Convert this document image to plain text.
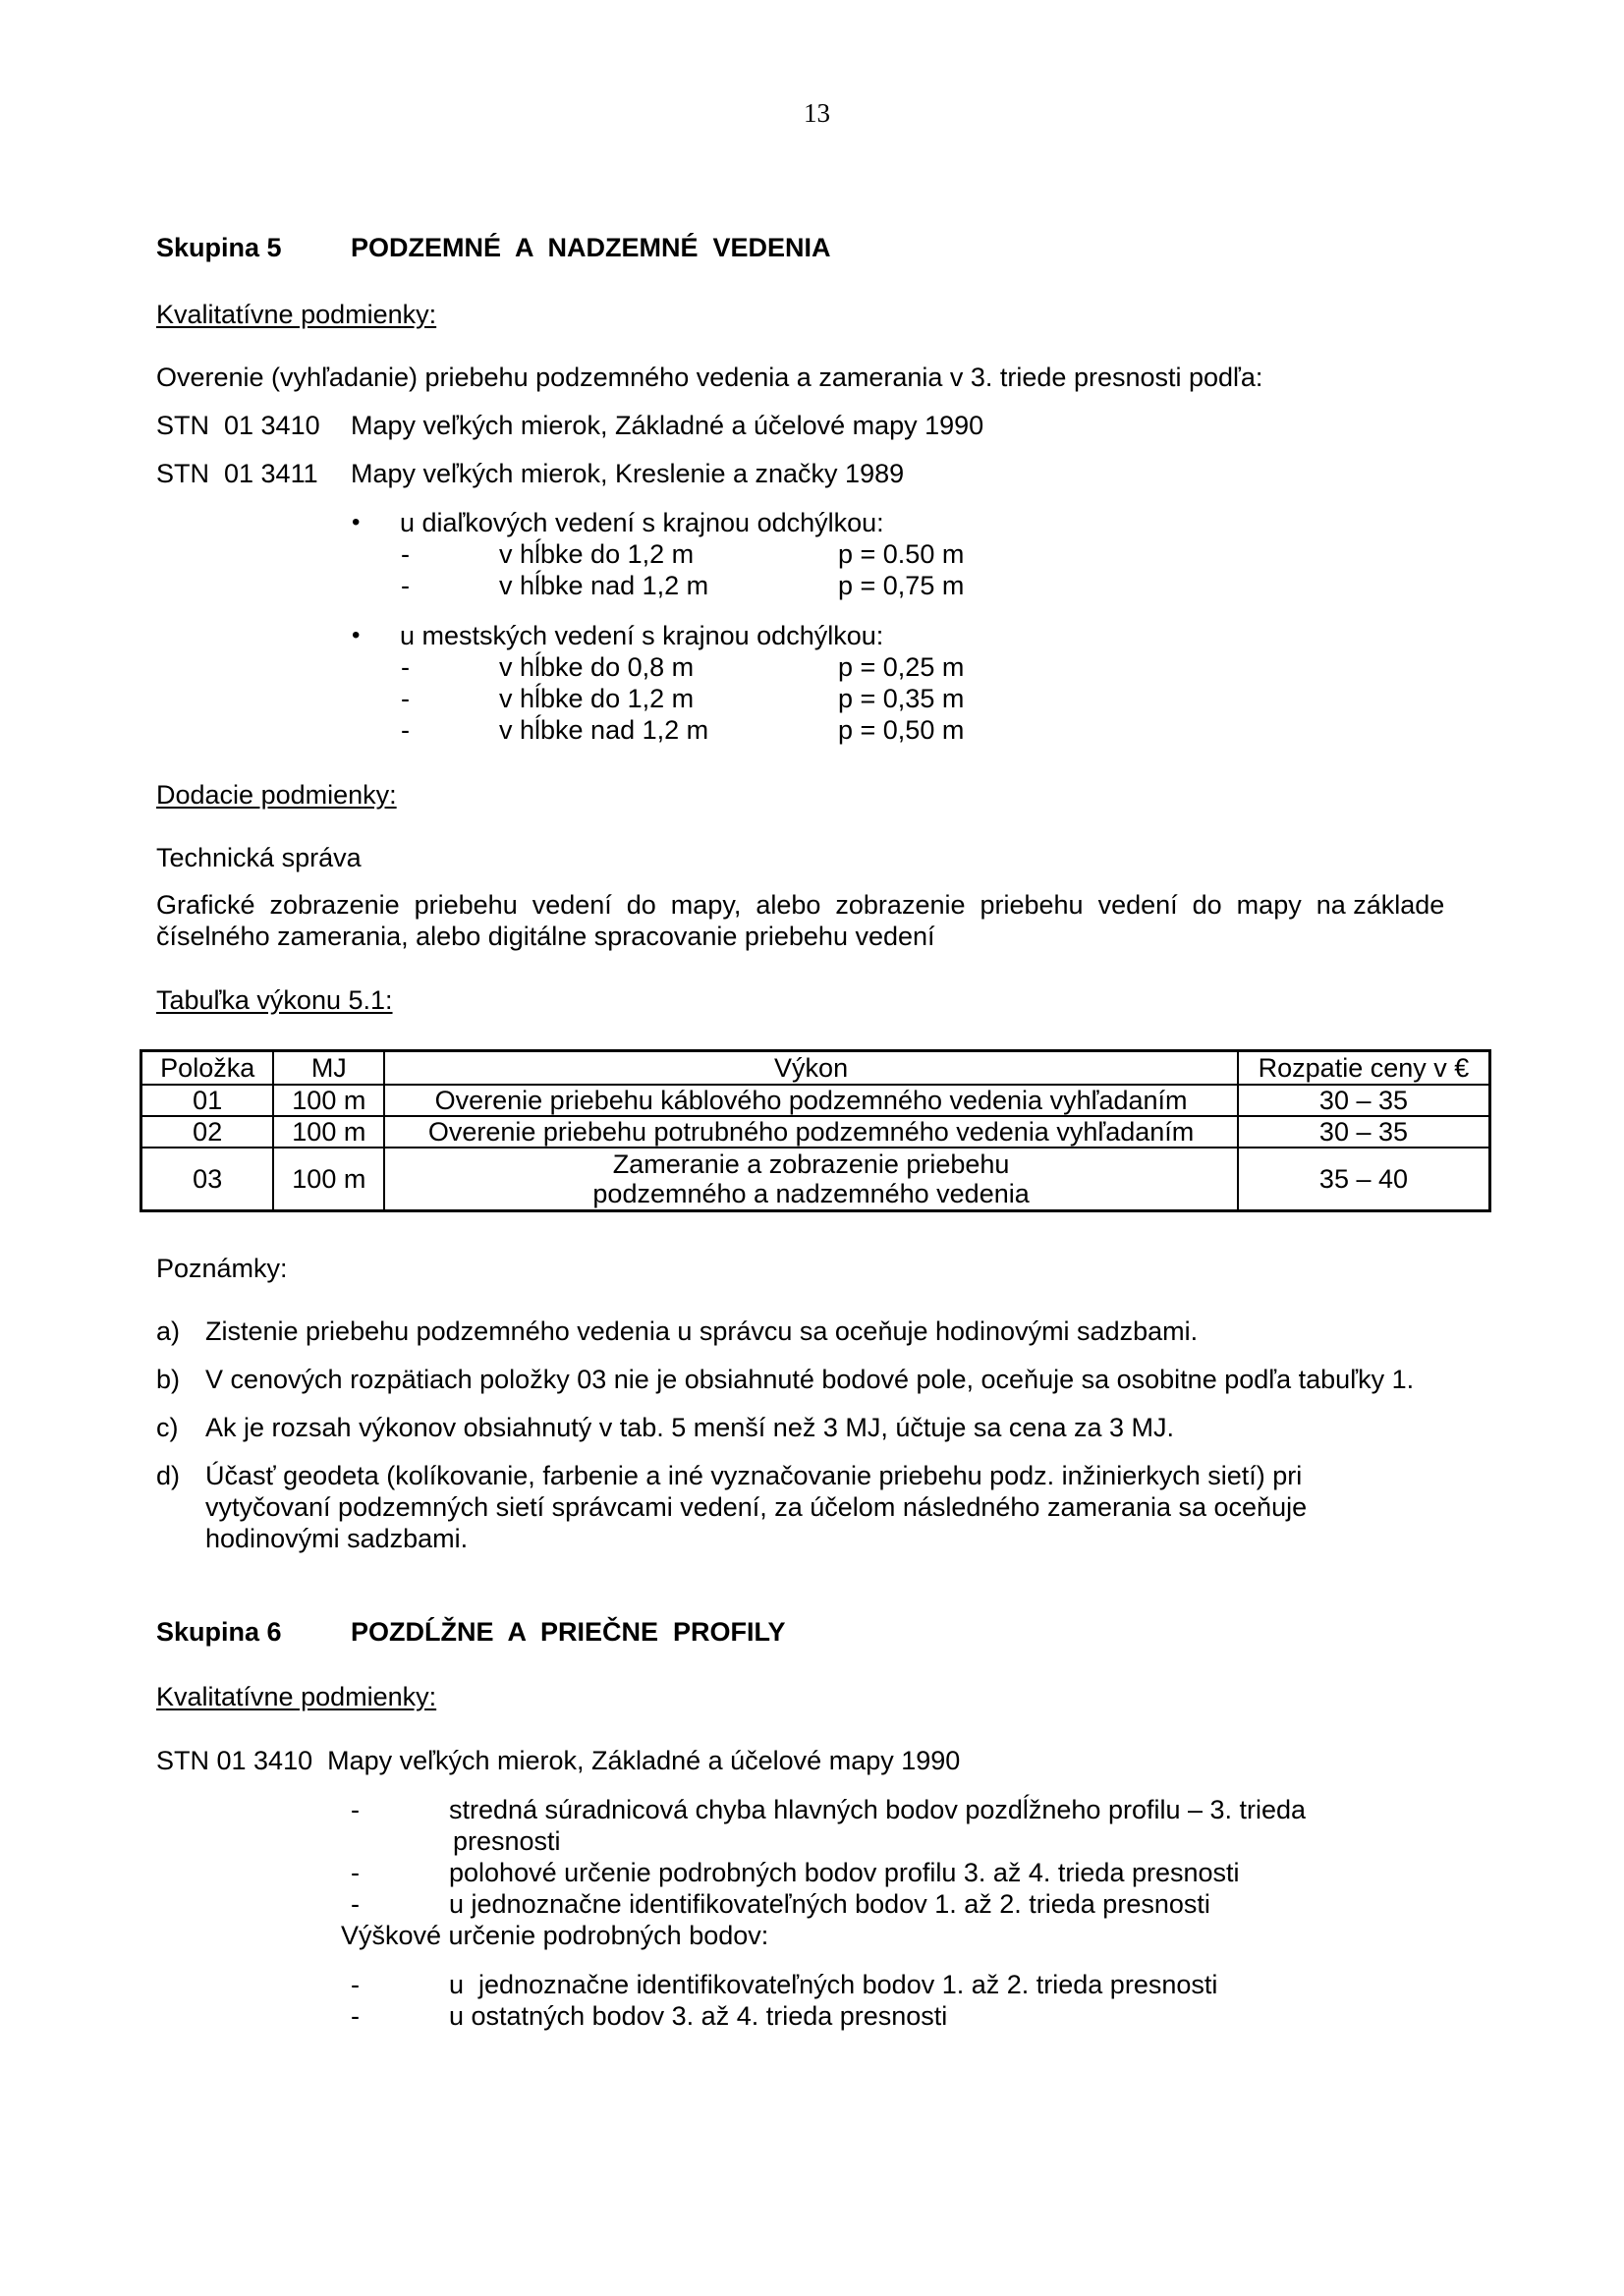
13
Skupina 5	PODZEMNÉ  A  NADZEMNÉ  VEDENIA
Kvalitatívne podmienky:
Overenie (vyhľadanie) priebehu podzemného vedenia a zamerania v 3. triede presnosti podľa:
STN  01 3410 Mapy veľkých mierok, Základné a účelové mapy 1990
STN  01 3411 Mapy veľkých mierok, Kreslenie a značky 1989
• u diaľkových vedení s krajnou odchýlkou:
-	v hĺbke do 1,2 m	p = 0.50 m
-	v hĺbke nad 1,2 m	p = 0,75 m
• u mestských vedení s krajnou odchýlkou:
-	v hĺbke do 0,8 m	p = 0,25 m
-	v hĺbke do 1,2 m	p = 0,35 m
-	v hĺbke nad 1,2 m	p = 0,50 m
Dodacie podmienky:
Technická správa
Grafické  zobrazenie  priebehu  vedení  do  mapy,  alebo  zobrazenie  priebehu  vedení  do  mapy  na základe
číselného zamerania, alebo digitálne spracovanie priebehu vedení
Tabuľka výkonu 5.1:
Položka	MJ	Výkon	Rozpatie ceny v €
01	100 m	Overenie priebehu káblového podzemného vedenia vyhľadaním	30 – 35
02	100 m	Overenie priebehu potrubného podzemného vedenia vyhľadaním	30 – 35
03	100 m	Zameranie a zobrazenie priebehu
podzemného a nadzemného vedenia	35 – 40
Poznámky:
a) Zistenie priebehu podzemného vedenia u správcu sa oceňuje hodinovými sadzbami.
b) V cenových rozpätiach položky 03 nie je obsiahnuté bodové pole, oceňuje sa osobitne podľa tabuľky 1.
c) Ak je rozsah výkonov obsiahnutý v tab. 5 menší než 3 MJ, účtuje sa cena za 3 MJ.
d) Účasť geodeta (kolíkovanie, farbenie a iné vyznačovanie priebehu podz. inžinierkych sietí) pri
vytyčovaní podzemných sietí správcami vedení, za účelom následného zamerania sa oceňuje
hodinovými sadzbami.
Skupina 6	POZDĹŽNE  A  PRIEČNE  PROFILY
Kvalitatívne podmienky:
STN 01 3410  Mapy veľkých mierok, Základné a účelové mapy 1990
-	stredná súradnicová chyba hlavných bodov pozdĺžneho profilu – 3. trieda
presnosti
-	polohové určenie podrobných bodov profilu 3. až 4. trieda presnosti
-	u jednoznačne identifikovateľných bodov 1. až 2. trieda presnosti
Výškové určenie podrobných bodov:
-	u  jednoznačne identifikovateľných bodov 1. až 2. trieda presnosti
-	u ostatných bodov 3. až 4. trieda presnosti
